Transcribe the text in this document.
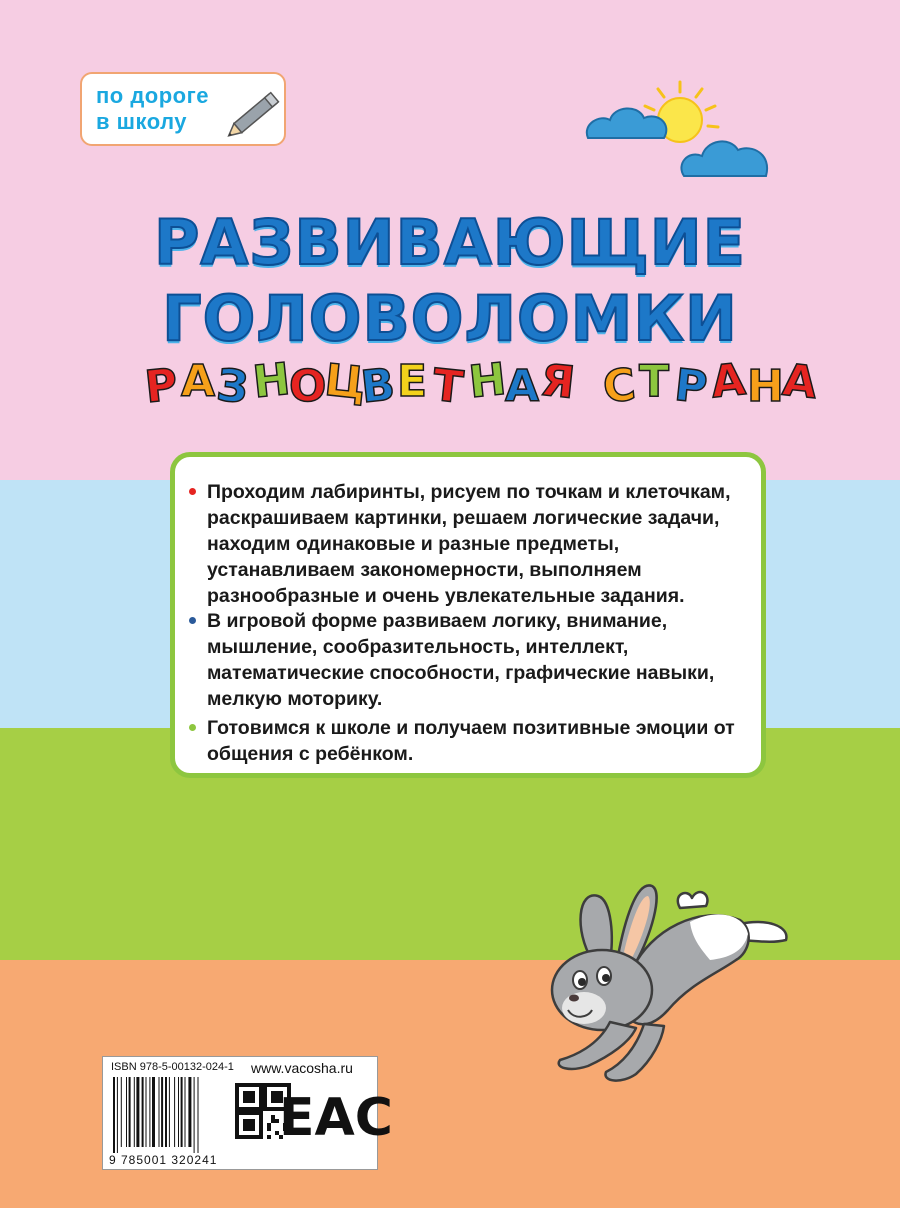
по дороге
в школу
РАЗВИВАЮЩИЕ
ГОЛОВОЛОМКИ
Р А З Н
О
Ц
В Е Т Н
А Я С Т Р
А Н
А
Проходим лабиринты, рисуем по точкам и клеточкам, раскрашиваем картинки, решаем логические задачи, находим одинаковые и разные предметы, устанавливаем закономерности, выполняем разнообразные и очень увлекательные задания.
В игровой форме развиваем логику, внимание, мышление, сообразительность, интеллект, математические способности, графические навыки, мелкую моторику.
Готовимся к школе и получаем позитивные эмоции от общения с ребёнком.
ISBN 978-5-00132-024-1 www.vacosha.ru
9 785001 320241
EAC
